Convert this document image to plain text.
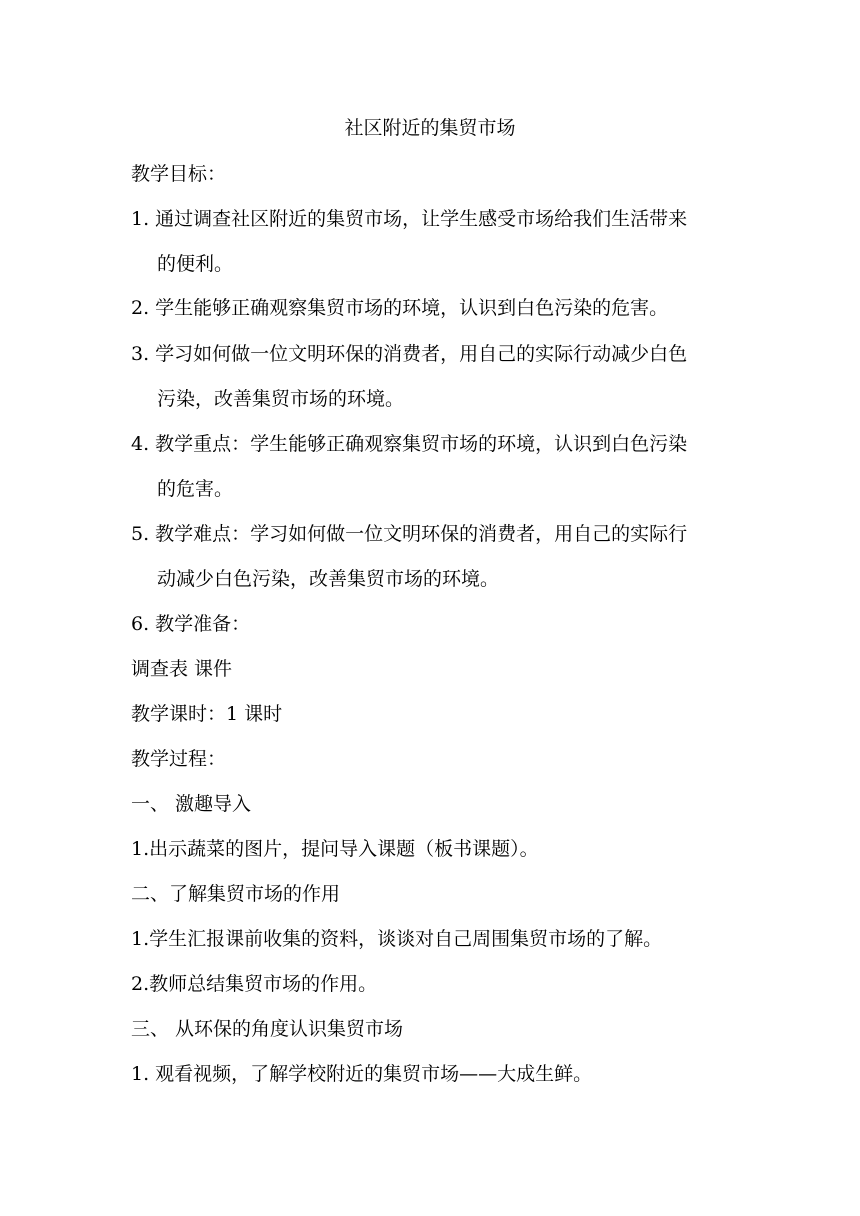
社区附近的集贸市场
教学目标：
1. 通过调查社区附近的集贸市场，让学生感受市场给我们生活带来
的便利。
2. 学生能够正确观察集贸市场的环境，认识到白色污染的危害。
3. 学习如何做一位文明环保的消费者，用自己的实际行动减少白色
污染，改善集贸市场的环境。
4. 教学重点：学生能够正确观察集贸市场的环境，认识到白色污染
的危害。
5. 教学难点：学习如何做一位文明环保的消费者，用自己的实际行
动减少白色污染，改善集贸市场的环境。
6. 教学准备：
调查表 课件
教学课时：1 课时
教学过程：
一、 激趣导入
1.出示蔬菜的图片，提问导入课题（板书课题）。
二、了解集贸市场的作用
1.学生汇报课前收集的资料，谈谈对自己周围集贸市场的了解。
2.教师总结集贸市场的作用。
三、 从环保的角度认识集贸市场
1. 观看视频，了解学校附近的集贸市场——大成生鲜。
